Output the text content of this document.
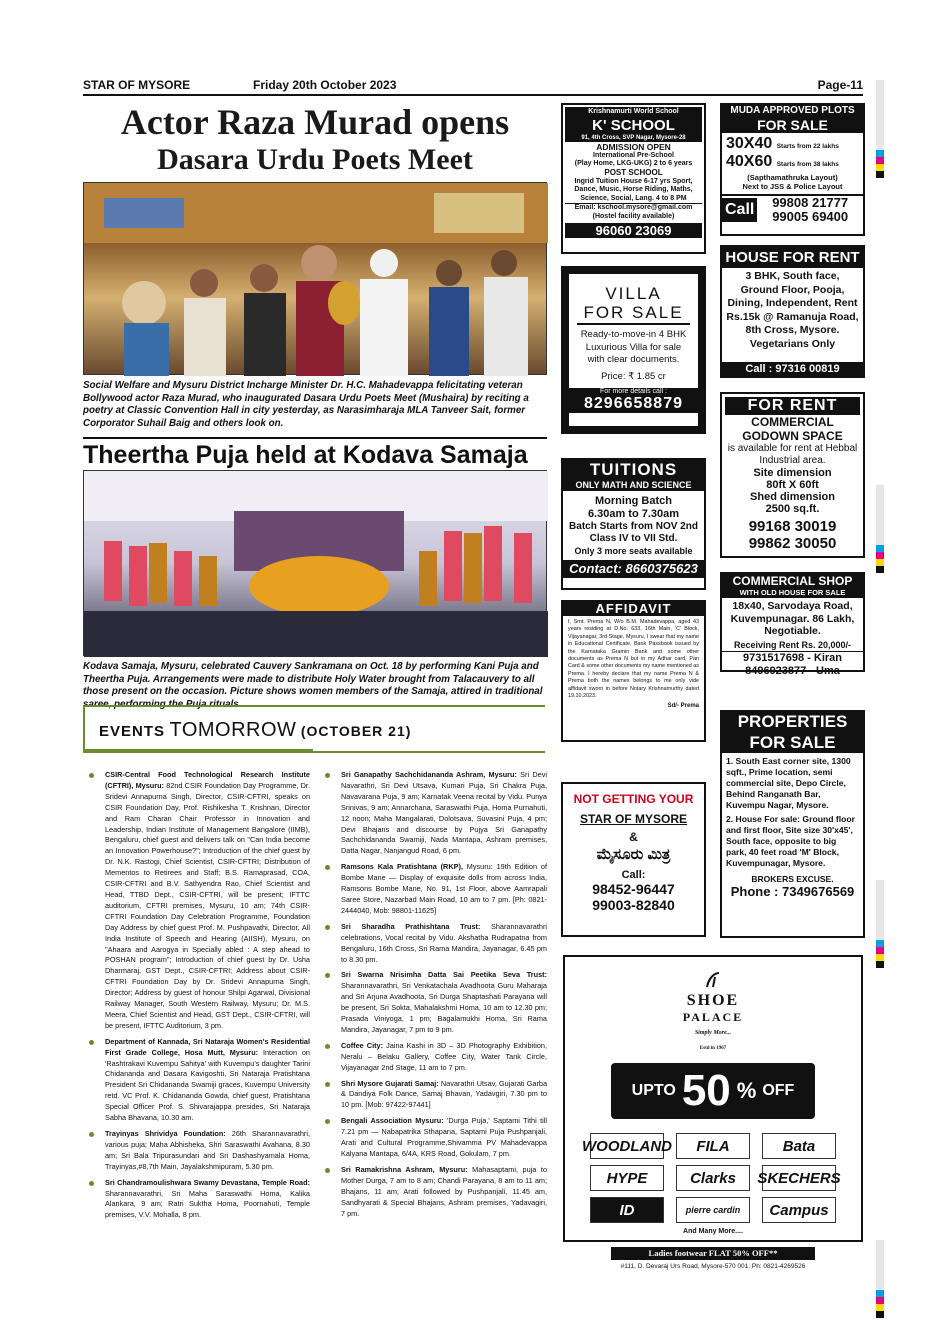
STAR OF MYSORE	Friday 20th October 2023	Page-11
Actor Raza Murad opens
Dasara Urdu Poets Meet
Social Welfare and Mysuru District Incharge Minister Dr. H.C. Mahadevappa felicitating veteran Bollywood actor Raza Murad, who inaugurated Dasara Urdu Poets Meet (Mushaira) by reciting a poetry at Classic Convention Hall in city yesterday, as Narasimharaja MLA Tanveer Sait, former Corporator Suhail Baig and others look on.
Theertha Puja held at Kodava Samaja
Kodava Samaja, Mysuru, celebrated Cauvery Sankramana on Oct. 18 by performing Kani Puja and Theertha Puja. Arrangements were made to distribute Holy Water brought from Talacauvery to all those present on the occasion. Picture shows women members of the Samaja, attired in traditional saree, performing the Puja rituals.
EVENTS TOMORROW (OCTOBER 21)

CSIR-Central Food Technological Research Institute (CFTRI), Mysuru: 82nd CSIR Foundation Day Programme, Dr. Sridevi Annapurna Singh, Director, CSIR-CFTRI, speaks on CSIR Foundation Day, Prof. Rishikesha T. Krishnan, Director and Ram Charan Chair Professor in Innovation and Leadership, Indian Institute of Management Bangalore (IIMB), Bengaluru, chief guest and delivers talk on "Can India become an Innovation Powerhouse?"; Introduction of the chief guest by Dr. N.K. Rastogi, Chief Scientist, CSIR-CFTRI; Distribution of Mementos to Retirees and Staff; B.S. Ramaprasad, COA, CSIR-CFTRI and B.V. Sathyendra Rao, Chief Scientist and Head, TTBD Dept., CSIR-CFTRI, will be present; IFTTC auditorium, CFTRI premises, Mysuru, 10 am; 74th CSIR-CFTRI Foundation Day Celebration Programme, Foundation Day Address by chief guest Prof. M. Pushpavathi, Director, All India Institute of Speech and Hearing (AIISH), Mysuru, on "Ahaara and Aarogya in Specially abled : A step ahead to POSHAN program"; Introduction of chief guest by Dr. Usha Dharmaraj, GST Dept., CSIR-CFTRI; Address about CSIR-CFTRI Foundation Day by Dr. Sridevi Annapurna Singh, Director; Address by guest of honour Shilpi Agarwal, Divisional Railway Manager, South Western Railway, Mysuru; Dr. M.S. Meera, Chief Scientist and Head, GST Dept., CSIR-CFTRI, will be present, IFTTC Auditorium, 3 pm.

Department of Kannada, Sri Nataraja Women's Residential First Grade College, Hosa Mutt, Mysuru: Interaction on 'Rashtrakavi Kuvempu Sahitya' with Kuvempu's daughter Tarini Chidananda and Dasara Kavigoshti, Sri Nataraja Pratishtana President Sri Chidananda Swamiji graces, Kuvempu University retd. VC Prof. K. Chidananda Gowda, chief guest, Pratishtana Special Officer Prof. S. Shivarajappa presides, Sri Nataraja Sabha Bhavana, 10.30 am.

Trayinyas Shrividya Foundation: 26th Sharannavarathri, various puja; Maha Abhisheka, Shri Saraswathi Avahana, 8.30 am; Sri Bala Tripurasundari and Sri Dashashyamala Homa, Trayinyas,#8,7th Main, Jayalakshmipuram, 5.30 pm.

Sri Chandramoulishwara Swamy Devastana, Temple Road: Sharannavarathri, Sri Maha Saraswathi Homa, Kalika Alankara, 9 am; Ratri Suktha Homa, Poornahuti, Temple premises, V.V. Mohalla, 8 pm.

Sri Ganapathy Sachchidananda Ashram, Mysuru: Sri Devi Navarathri, Sri Devi Utsava, Kumari Puja, Sri Chakra Puja, Navavarana Puja, 9 am; Karnatak Veena recital by Vidu. Punya Srinivas, 9 am; Annarchana, Saraswathi Puja, Homa Purnahuti, 12 noon; Maha Mangalarati, Dolotsava, Suvasini Puja, 4 pm; Devi Bhajans and discourse by Pujya Sri Ganapathy Sachchidananda Swamiji, Nada Mantapa, Ashram premises, Datta Nagar, Nanjangud Road, 6 pm.

Ramsons Kala Pratishtana (RKP), Mysuru: 19th Edition of Bombe Mane — Display of exquisite dolls from across India, Ramsons Bombe Mane, No. 91, 1st Floor, above Aamrapali Saree Store, Nazarbad Main Road, 10 am to 7 pm. [Ph: 0821-2444040, Mob: 98801-11625]

Sri Sharadha Prathishtana Trust: Sharannavarathri celebrations, Vocal recital by Vidu. Akshatha Rudrapatna from Bengaluru, 16th Cross, Sri Rama Mandira, Jayanagar, 6.45 pm to 8.30 pm.

Sri Swarna Nrisimha Datta Sai Peetika Seva Trust: Sharannavarathri, Sri Venkatachala Avadhoota Guru Maharaja and Sri Arjuna Avadhoota, Sri Durga Shaptashati Parayana will be present, Sri Sokta, Mahalakshmi Homa, 10 am to 12.30 pm; Prasada Viniyoga, 1 pm; Bagalamukhi Homa, Sri Rama Mandira, Jayanagar, 7 pm to 9 pm.

Coffee City: Jaina Kashi in 3D – 3D Photography Exhibition, Neralu – Belaku Gallery, Coffee City, Water Tank Circle, Vijayanagar 2nd Stage, 11 am to 7 pm.

Shri Mysore Gujarati Samaj: Navarathri Utsav, Gujarati Garba & Dandiya Folk Dance, Samaj Bhavan, Yadavgiri, 7.30 pm to 10 pm. [Mob: 97422-97441]

Bengali Association Mysuru: 'Durga Puja,' Saptami Tithi till 7.21 pm — Nabapatrika Sthapana, Saptami Puja Pushpanjali, Arati and Cultural Programme,Shivamma PV Mahadevappa Kalyana Mantapa, 6/4A, KRS Road, Gokulam, 7 pm.

Sri Ramakrishna Ashram, Mysuru: Mahasaptami, puja to Mother Durga, 7 am to 8 am; Chandi Parayana, 8 am to 11 am; Bhajans, 11 am; Arati followed by Pushpanjali, 11.45 am, Sandhyarati & Special Bhajans, Ashram premises, Yadavagiri, 7 pm.

Krishnamurti World School
K' SCHOOL
91, 4th Cross, SVP Nagar, Mysore-28
ADMISSION OPEN
International Pre-School
(Play Home, LKG-UKG) 2 to 6 years
POST SCHOOL
Ingrid Tuition House 6-17 yrs Sport, Dance, Music, Horse Riding, Maths, Science, Social, Lang. 4 to 8 PM
Email: kschool.mysore@gmail.com
(Hostel facility available)
96060 23069
VILLA
FOR SALE
Ready-to-move-in 4 BHK Luxurious Villa for sale with clear documents.
Price: ₹ 1.85 cr
For more details call :
8296658879
TUITIONS
ONLY MATH AND SCIENCE
Morning Batch
6.30am to 7.30am
Batch Starts from NOV 2nd
Class IV to VII Std.
Only 3 more seats available
Contact: 8660375623
AFFIDAVIT
I, Smt. Prema N, W/o B.M. Mahadevappa, aged 43 years residing at D.No. 633, 16th Main, 'C' Block, Vijayanagar, 3rd Stage, Mysuru, I swear that my name in Educational Certificate, Bank Passbook issued by the Karnataka Gramin Bank and some other documents as Prema N but in my Adhar card, Pan Card & some other documents my name mentioned as Prema. I hereby declare that my name Prema N & Prema both the names belongs to me only vide affidavit sworn in before Notary Krishnamurthy dated 19.10.2023.
Sd/- Prema
NOT GETTING YOUR
STAR OF MYSORE
&
ಮೈಸೂರು ಮಿತ್ರ
Call:
98452-96447
99003-82840
MUDA APPROVED PLOTS
FOR SALE
30X40 Starts from 22 lakhs
40X60 Starts from 38 lakhs
(Sapthamathruka Layout)
Next to JSS & Police Layout
Call	99808 21777
99005 69400
HOUSE FOR RENT
3 BHK, South face, Ground Floor, Pooja, Dining, Independent, Rent Rs.15k @ Ramanuja Road, 8th Cross, Mysore. Vegetarians Only
Call : 97316 00819
FOR RENT
COMMERCIAL
GODOWN SPACE
is available for rent at Hebbal Industrial area.
Site dimension
80ft X 60ft
Shed dimension
2500 sq.ft.
99168 30019
99862 30050
COMMERCIAL SHOP
WITH OLD HOUSE FOR SALE
18x40, Sarvodaya Road, Kuvempunagar. 86 Lakh, Negotiable.
Receiving Rent Rs. 20,000/-
9731517698 - Kiran
8496923877 - Uma
PROPERTIES
FOR SALE
1. South East corner site, 1300 sqft., Prime location, semi commercial site, Depo Circle, Behind Ranganath Bar, Kuvempu Nagar, Mysore.
2. House For sale: Ground floor and first floor, Site size 30'x45', South face, opposite to big park, 40 feet road 'M' Block, Kuvempunagar, Mysore.
BROKERS EXCUSE.
Phone : 7349676569
SHOE
PALACE
Simply More...
Estd in 1967
UPTO 50 % OFF
WOODLAND	FILA	Bata
HYPE	Clarks	SKECHERS
ID	pierre cardin	Campus
And Many More....
Ladies footwear FLAT 50% OFF**
#111, D. Devaraj Urs Road, Mysore-570 001. Ph: 0821-4269526
